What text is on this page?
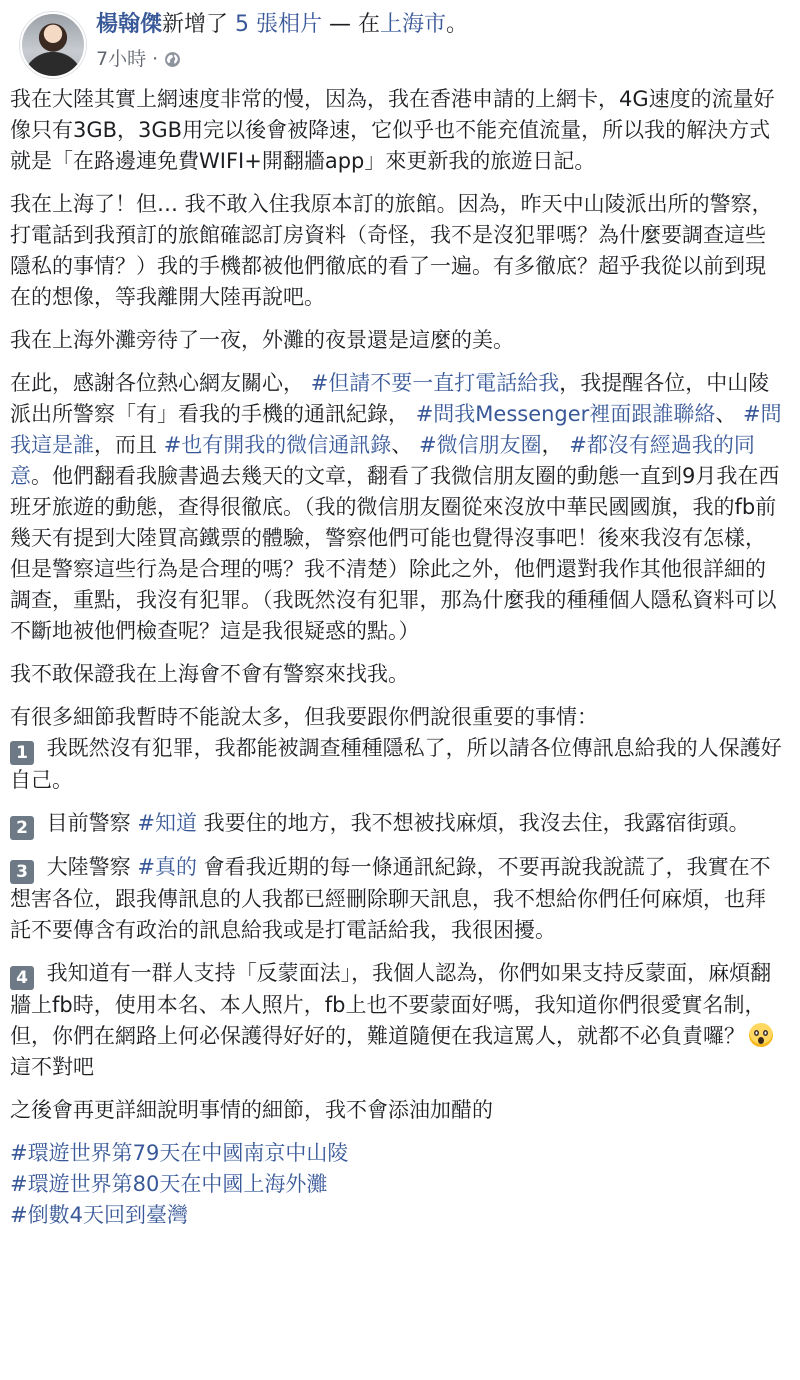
楊翰傑新增了 5 張相片 — 在上海市。
7小時 ·

我在大陸其實上網速度非常的慢，因為，我在香港申請的上網卡，4G速度的流量好像只有3GB，3GB用完以後會被降速，它似乎也不能充值流量，所以我的解決方式就是「在路邊連免費WIFI+開翻牆app」來更新我的旅遊日記。

我在上海了！但… 我不敢入住我原本訂的旅館。因為，昨天中山陵派出所的警察，打電話到我預訂的旅館確認訂房資料（奇怪，我不是沒犯罪嗎？為什麼要調查這些隱私的事情？）我的手機都被他們徹底的看了一遍。有多徹底？超乎我從以前到現在的想像，等我離開大陸再說吧。

我在上海外灘旁待了一夜，外灘的夜景還是這麼的美。

在此，感謝各位熱心網友關心， #但請不要一直打電話給我，我提醒各位，中山陵派出所警察「有」看我的手機的通訊紀錄， #問我Messenger裡面跟誰聯絡、 #問我這是誰，而且 #也有開我的微信通訊錄、 #微信朋友圈， #都沒有經過我的同意。他們翻看我臉書過去幾天的文章，翻看了我微信朋友圈的動態一直到9月我在西班牙旅遊的動態，查得很徹底。（我的微信朋友圈從來沒放中華民國國旗，我的fb前幾天有提到大陸買高鐵票的體驗，警察他們可能也覺得沒事吧！後來我沒有怎樣，但是警察這些行為是合理的嗎？我不清楚）除此之外，他們還對我作其他很詳細的調查，重點，我沒有犯罪。（我既然沒有犯罪，那為什麼我的種種個人隱私資料可以不斷地被他們檢查呢？這是我很疑惑的點。）

我不敢保證我在上海會不會有警察來找我。

有很多細節我暫時不能說太多，但我要跟你們說很重要的事情：
1 我既然沒有犯罪，我都能被調查種種隱私了，所以請各位傳訊息給我的人保護好自己。

2 目前警察 #知道 我要住的地方，我不想被找麻煩，我沒去住，我露宿街頭。

3 大陸警察 #真的 會看我近期的每一條通訊紀錄，不要再說我說謊了，我實在不想害各位，跟我傳訊息的人我都已經刪除聊天訊息，我不想給你們任何麻煩，也拜託不要傳含有政治的訊息給我或是打電話給我，我很困擾。

4 我知道有一群人支持「反蒙面法」，我個人認為，你們如果支持反蒙面，麻煩翻牆上fb時，使用本名、本人照片，fb上也不要蒙面好嗎，我知道你們很愛實名制，但，你們在網路上何必保護得好好的，難道隨便在我這罵人，就都不必負責囉？
這不對吧

之後會再更詳細說明事情的細節，我不會添油加醋的

#環遊世界第79天在中國南京中山陵

#環遊世界第80天在中國上海外灘

#倒數4天回到臺灣
